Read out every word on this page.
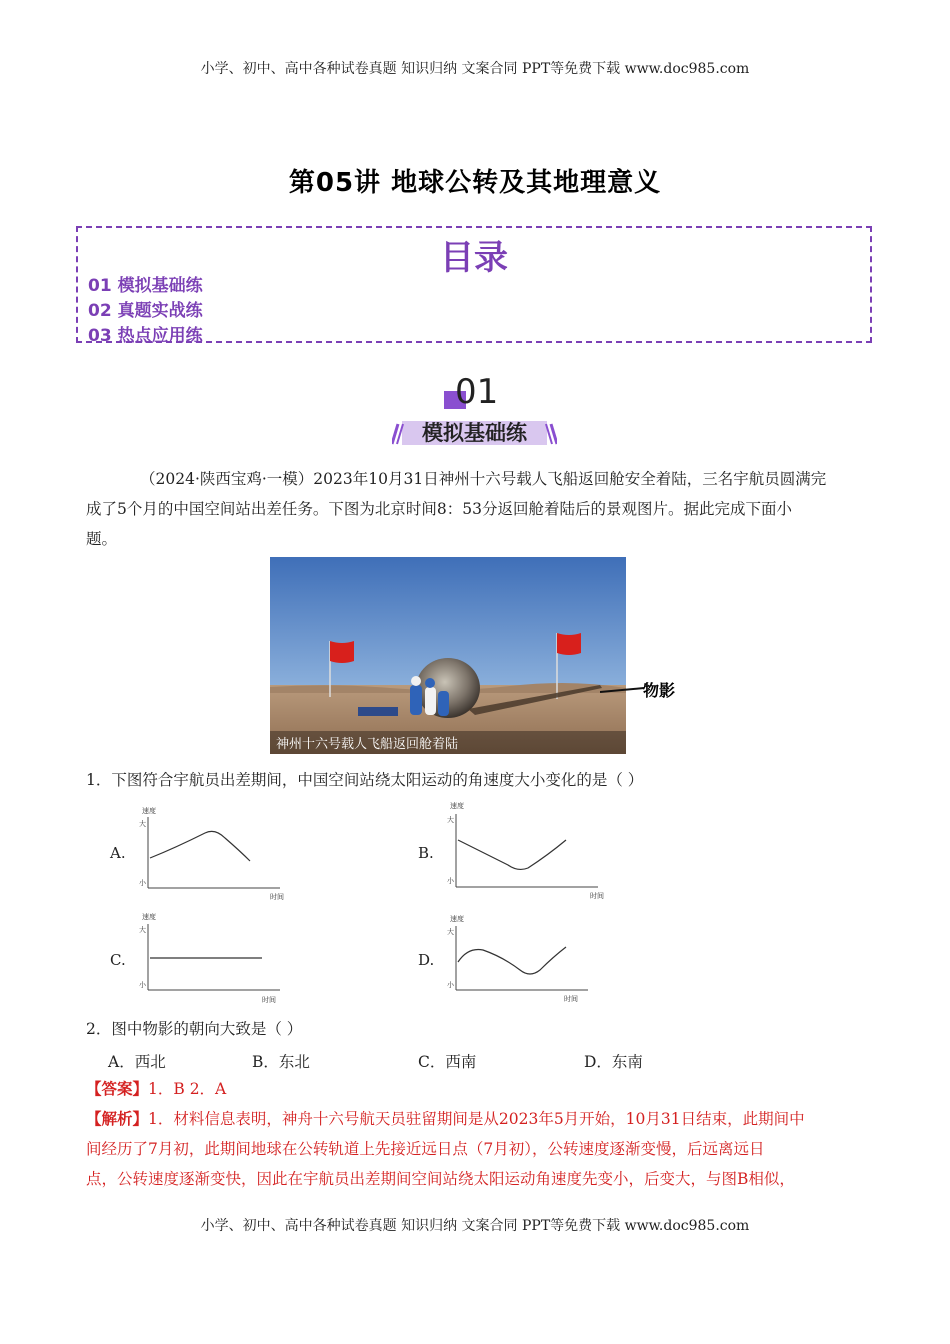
小学、初中、高中各种试卷真题 知识归纳 文案合同 PPT等免费下载 www.doc985.com
第05讲 地球公转及其地理意义
目录
01 模拟基础练
02 真题实战练
03 热点应用练
01
模拟基础练
（2024·陕西宝鸡·一模）2023年10月31日神州十六号载人飞船返回舱安全着陆，三名宇航员圆满完
成了5个月的中国空间站出差任务。下图为北京时间8：53分返回舱着陆后的景观图片。据此完成下面小
题。
神州十六号载人飞船返回舱着陆
物影
1．下图符合宇航员出差期间，中国空间站绕太阳运动的角速度大小变化的是（ ）
A.
速度
大
小
时间
B.
速度
大
小
时间
C.
速度
大
小
时间
D.
速度
大
小
时间
2．图中物影的朝向大致是（ ）
A．西北	B．东北	C．西南	D．东南
【答案】1．B 2．A
【解析】1．材料信息表明，神舟十六号航天员驻留期间是从2023年5月开始，10月31日结束，此期间中
间经历了7月初，此期间地球在公转轨道上先接近远日点（7月初），公转速度逐渐变慢，后远离远日
点，公转速度逐渐变快，因此在宇航员出差期间空间站绕太阳运动角速度先变小，后变大，与图B相似，
小学、初中、高中各种试卷真题 知识归纳 文案合同 PPT等免费下载 www.doc985.com
